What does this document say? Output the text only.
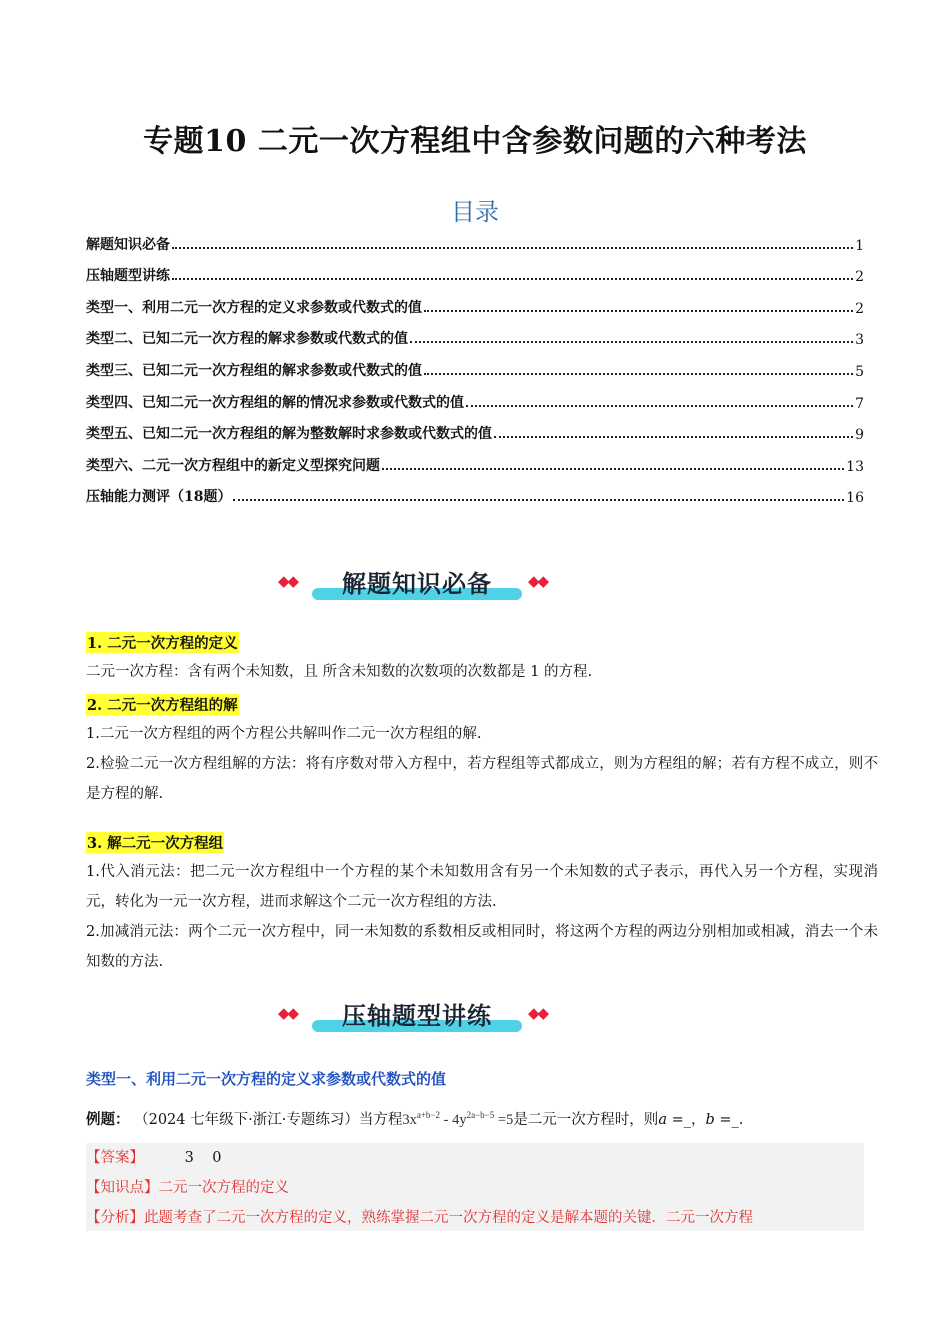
专题10 二元一次方程组中含参数问题的六种考法
目录
解题知识必备	1
压轴题型讲练	2
类型一、利用二元一次方程的定义求参数或代数式的值	2
类型二、已知二元一次方程的解求参数或代数式的值	3
类型三、已知二元一次方程组的解求参数或代数式的值	5
类型四、已知二元一次方程组的解的情况求参数或代数式的值	7
类型五、已知二元一次方程组的解为整数解时求参数或代数式的值	9
类型六、二元一次方程组中的新定义型探究问题	13
压轴能力测评（18题）	16
◆◆	解题知识必备	◆◆
1. 二元一次方程的定义
二元一次方程：含有两个未知数，且 所含未知数的次数项的次数都是 1 的方程.
2. 二元一次方程组的解
1.二元一次方程组的两个方程公共解叫作二元一次方程组的解.
2.检验二元一次方程组解的方法：将有序数对带入方程中，若方程组等式都成立，则为方程组的解；若有方程不成立，则不是方程的解.
3. 解二元一次方程组
1.代入消元法：把二元一次方程组中一个方程的某个未知数用含有另一个未知数的式子表示，再代入另一个方程，实现消元，转化为一元一次方程，进而求解这个二元一次方程组的方法.
2.加减消元法：两个二元一次方程中，同一未知数的系数相反或相同时，将这两个方程的两边分别相加或相减，消去一个未知数的方法.
◆◆	压轴题型讲练	◆◆
类型一、利用二元一次方程的定义求参数或代数式的值
例题： （2024 七年级下·浙江·专题练习）当方程$3x^{a+b-2} - 4y^{2a-b-5} =5$是二元一次方程时，则a =_，b =_.
【答案】	3    0
【知识点】二元一次方程的定义
【分析】此题考查了二元一次方程的定义，熟练掌握二元一次方程的定义是解本题的关键．二元一次方程
